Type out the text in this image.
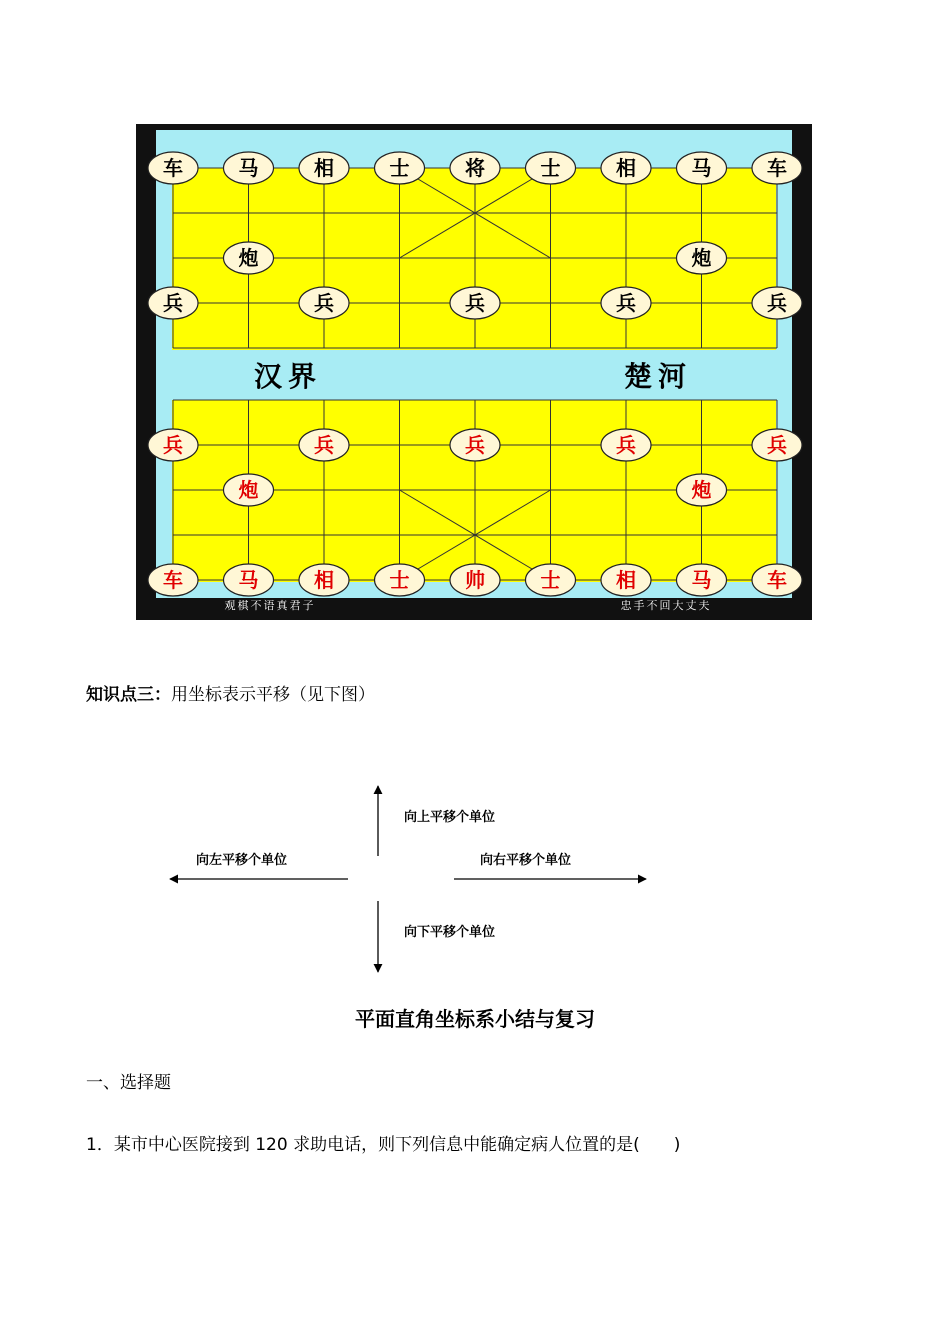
汉界	楚河
车	马	相	士	将	士	相	马	车
炮	炮
兵	兵	兵	兵	兵
兵	兵	兵	兵	兵
炮	炮
车	马	相	士	帅	士	相	马	车
观棋不语真君子	忠手不回大丈夫
知识点三：用坐标表示平移（见下图）
向上平移个单位
向左平移个单位	向右平移个单位
向下平移个单位
平面直角坐标系小结与复习
一、选择题
1．某市中心医院接到 120 求助电话，则下列信息中能确定病人位置的是(　　)
